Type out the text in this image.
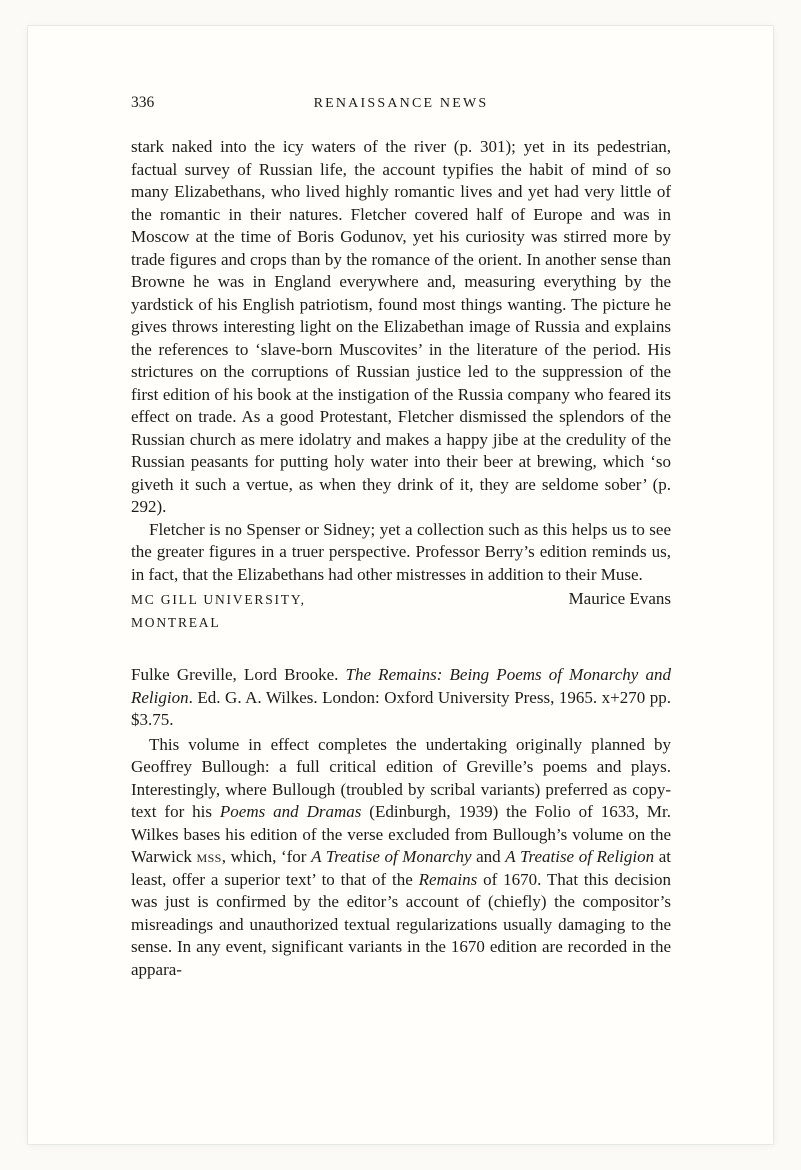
336	RENAISSANCE NEWS

stark naked into the icy waters of the river (p. 301); yet in its pedestrian, factual survey of Russian life, the account typifies the habit of mind of so many Elizabethans, who lived highly romantic lives and yet had very little of the romantic in their natures. Fletcher covered half of Europe and was in Moscow at the time of Boris Godunov, yet his curiosity was stirred more by trade figures and crops than by the romance of the orient. In another sense than Browne he was in England everywhere and, measuring everything by the yardstick of his English patriotism, found most things wanting. The picture he gives throws interesting light on the Elizabethan image of Russia and explains the references to ‘slave-born Muscovites’ in the literature of the period. His strictures on the corruptions of Russian justice led to the suppression of the first edition of his book at the instigation of the Russia company who feared its effect on trade. As a good Protestant, Fletcher dismissed the splendors of the Russian church as mere idolatry and makes a happy jibe at the credulity of the Russian peasants for putting holy water into their beer at brewing, which ‘so giveth it such a vertue, as when they drink of it, they are seldome sober’ (p. 292).

Fletcher is no Spenser or Sidney; yet a collection such as this helps us to see the greater figures in a truer perspective. Professor Berry’s edition reminds us, in fact, that the Elizabethans had other mistresses in addition to their Muse.

MC GILL UNIVERSITY,	Maurice Evans
MONTREAL

Fulke Greville, Lord Brooke. The Remains: Being Poems of Monarchy and Religion. Ed. G. A. Wilkes. London: Oxford University Press, 1965. x+270 pp. $3.75.

This volume in effect completes the undertaking originally planned by Geoffrey Bullough: a full critical edition of Greville’s poems and plays. Interestingly, where Bullough (troubled by scribal variants) preferred as copy-text for his Poems and Dramas (Edinburgh, 1939) the Folio of 1633, Mr. Wilkes bases his edition of the verse excluded from Bullough’s volume on the Warwick mss, which, ‘for A Treatise of Monarchy and A Treatise of Religion at least, offer a superior text’ to that of the Remains of 1670. That this decision was just is confirmed by the editor’s account of (chiefly) the compositor’s misreadings and unauthorized textual regularizations usually damaging to the sense. In any event, significant variants in the 1670 edition are recorded in the appara-
